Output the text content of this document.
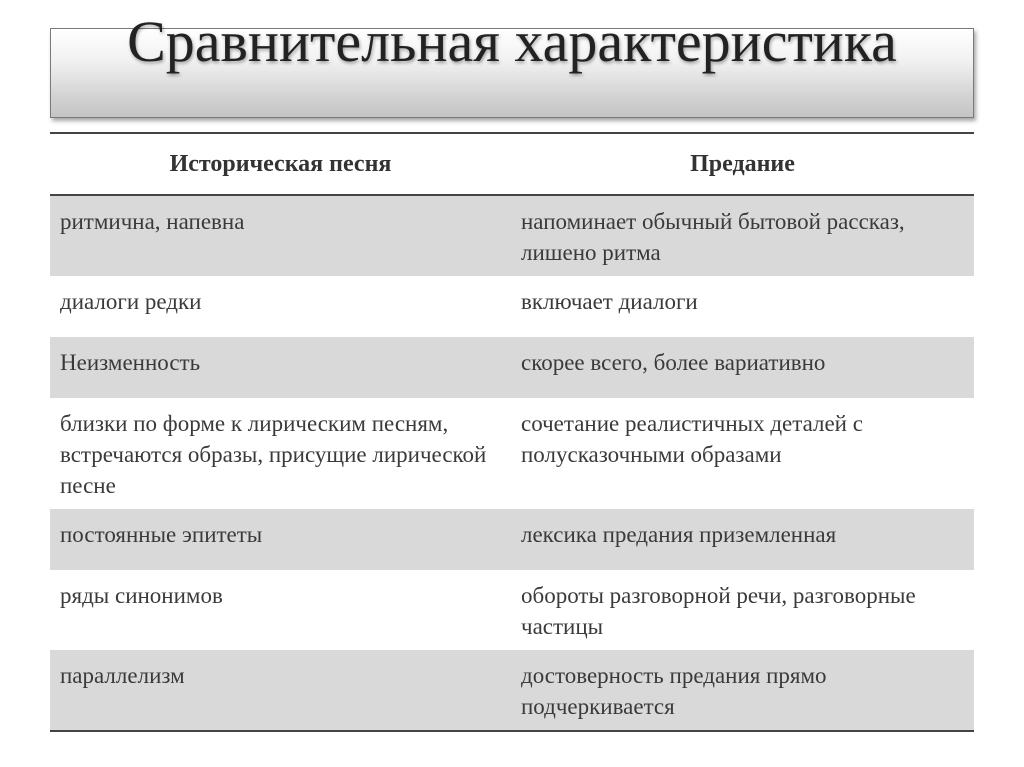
Сравнительная характеристика
Историческая песня	Предание
ритмична, напевна	напоминает обычный бытовой рассказ, лишено ритма
диалоги редки	включает диалоги
Неизменность	скорее всего, более вариативно
близки по форме к лирическим песням, встречаются образы, присущие лирической песне	сочетание реалистичных деталей с полусказочными образами
постоянные эпитеты	лексика предания приземленная
ряды синонимов	обороты разговорной речи, разговорные частицы
параллелизм	достоверность предания прямо подчеркивается
